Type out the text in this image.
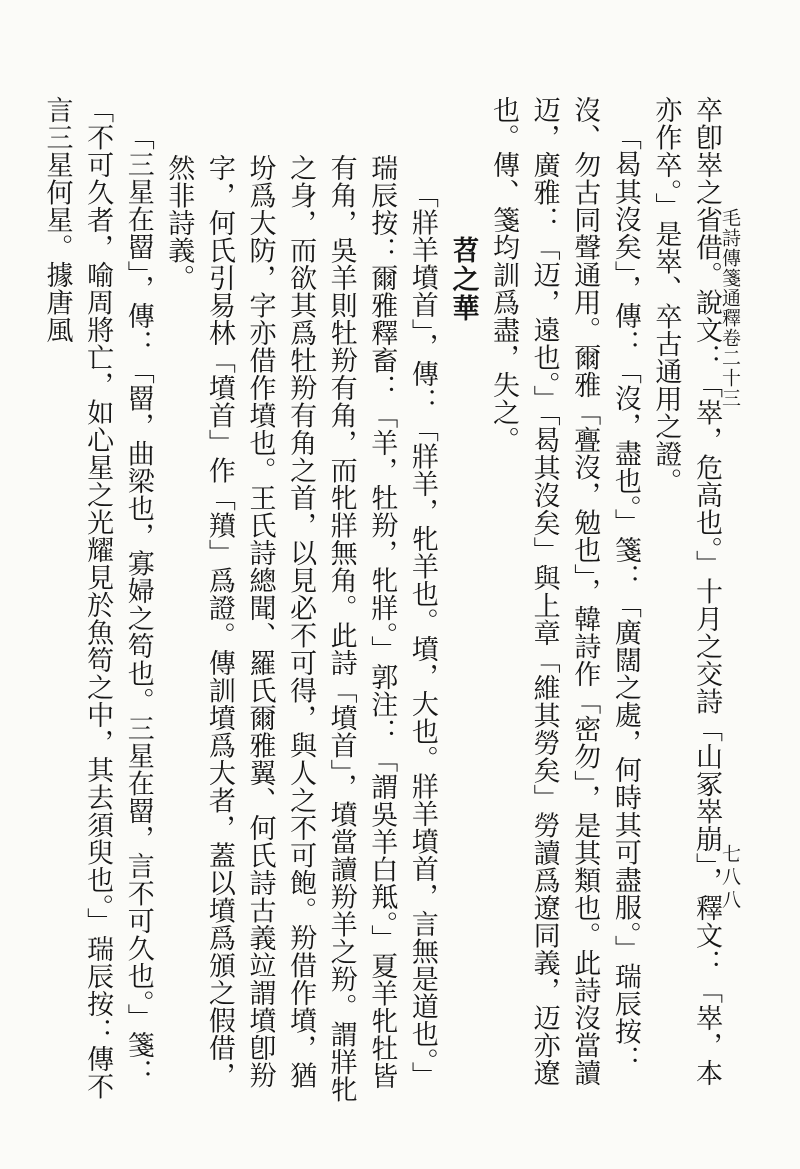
毛詩傳箋通釋卷二十三
七八八

卒卽崒之省借。說文：「崒，危高也。」十月之交詩「山冢崒崩」，釋文：「崒，本亦作卒。」是崒、卒古通用之證。

「曷其沒矣」，傳：「沒，盡也。」箋：「廣闊之處，何時其可盡服。」瑞辰按：沒、勿古同聲通用。爾雅「亹沒，勉也」，韓詩作「密勿」，是其類也。此詩沒當讀迈，廣雅：「迈，遠也。」「曷其沒矣」與上章「維其勞矣」勞讀爲遼同義，迈亦遼也。傳、箋均訓爲盡，失之。

苕之華

「牂羊墳首」，傳：「牂羊，牝羊也。墳，大也。牂羊墳首，言無是道也。」瑞辰按：爾雅釋畜：「羊，牡羒，牝牂。」郭注：「謂吳羊白羝。」夏羊牝牡皆有角，吳羊則牡羒有角，而牝牂無角。此詩「墳首」，墳當讀羒羊之羒。謂牂牝之身，而欲其爲牡羒有角之首，以見必不可得，與人之不可飽。羒借作墳，猶坋爲大防，字亦借作墳也。王氏詩總聞、羅氏爾雅翼、何氏詩古義竝謂墳卽羒字，何氏引易林「墳首」作「羵」爲證。傳訓墳爲大者，蓋以墳爲頒之假借，然非詩義。

「三星在罶」，傳：「罶，曲梁也，寡婦之笱也。三星在罶，言不可久也。」箋：「不可久者，喻周將亡，如心星之光耀見於魚笱之中，其去須臾也。」瑞辰按：傳不言三星何星。據唐風
